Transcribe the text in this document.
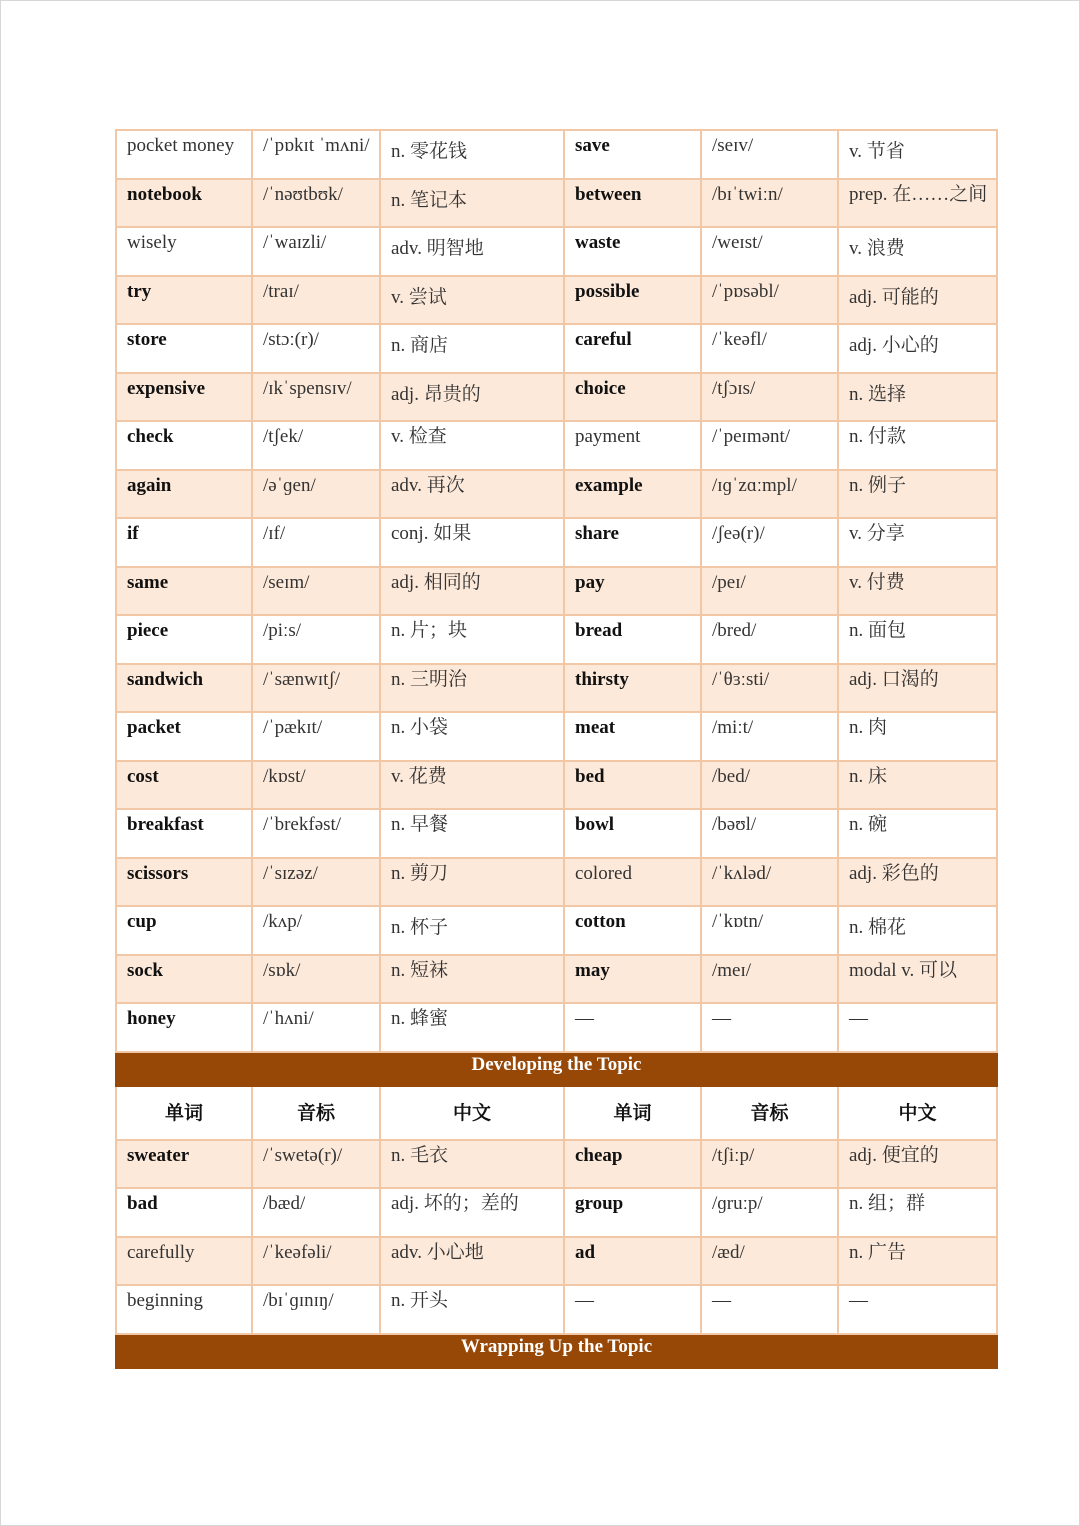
pocket money	/ˈpɒkɪt ˈmʌni/	n. 零花钱	save	/seɪv/	v. 节省
notebook	/ˈnəʊtbʊk/	n. 笔记本	between	/bɪˈtwiːn/	prep. 在……之间
wisely	/ˈwaɪzli/	adv. 明智地	waste	/weɪst/	v. 浪费
try	/traɪ/	v. 尝试	possible	/ˈpɒsəbl/	adj. 可能的
store	/stɔː(r)/	n. 商店	careful	/ˈkeəfl/	adj. 小心的
expensive	/ɪkˈspensɪv/	adj. 昂贵的	choice	/tʃɔɪs/	n. 选择
check	/tʃek/	v. 检查	payment	/ˈpeɪmənt/	n. 付款
again	/əˈɡen/	adv. 再次	example	/ɪɡˈzɑːmpl/	n. 例子
if	/ɪf/	conj. 如果	share	/ʃeə(r)/	v. 分享
same	/seɪm/	adj. 相同的	pay	/peɪ/	v. 付费
piece	/piːs/	n. 片；块	bread	/bred/	n. 面包
sandwich	/ˈsænwɪtʃ/	n. 三明治	thirsty	/ˈθɜːsti/	adj. 口渴的
packet	/ˈpækɪt/	n. 小袋	meat	/miːt/	n. 肉
cost	/kɒst/	v. 花费	bed	/bed/	n. 床
breakfast	/ˈbrekfəst/	n. 早餐	bowl	/bəʊl/	n. 碗
scissors	/ˈsɪzəz/	n. 剪刀	colored	/ˈkʌləd/	adj. 彩色的
cup	/kʌp/	n. 杯子	cotton	/ˈkɒtn/	n. 棉花
sock	/sɒk/	n. 短袜	may	/meɪ/	modal v. 可以
honey	/ˈhʌni/	n. 蜂蜜	—	—	—
Developing the Topic					
单词	音标	中文	单词	音标	中文
sweater	/ˈswetə(r)/	n. 毛衣	cheap	/tʃiːp/	adj. 便宜的
bad	/bæd/	adj. 坏的；差的	group	/ɡruːp/	n. 组；群
carefully	/ˈkeəfəli/	adv. 小心地	ad	/æd/	n. 广告
beginning	/bɪˈɡɪnɪŋ/	n. 开头	—	—	—
Wrapping Up the Topic					
